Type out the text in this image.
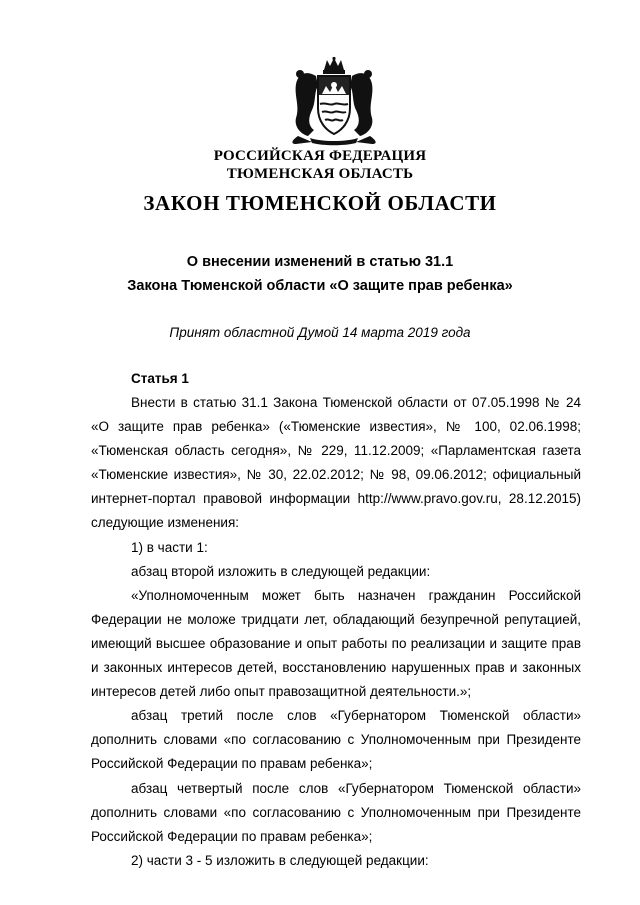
РОССИЙСКАЯ ФЕДЕРАЦИЯ
ТЮМЕНСКАЯ ОБЛАСТЬ
ЗАКОН ТЮМЕНСКОЙ ОБЛАСТИ
О внесении изменений в статью 31.1
Закона Тюменской области «О защите прав ребенка»
Принят областной Думой 14 марта 2019 года
Статья 1

Внести в статью 31.1 Закона Тюменской области от 07.05.1998 № 24 «О защите прав ребенка» («Тюменские известия», № 100, 02.06.1998; «Тюменская область сегодня», № 229, 11.12.2009; «Парламентская газета «Тюменские известия», № 30, 22.02.2012; № 98, 09.06.2012; официальный интернет-портал правовой информации http://www.pravo.gov.ru, 28.12.2015) следующие изменения:

1) в части 1:

абзац второй изложить в следующей редакции:

«Уполномоченным может быть назначен гражданин Российской Федерации не моложе тридцати лет, обладающий безупречной репутацией, имеющий высшее образование и опыт работы по реализации и защите прав и законных интересов детей, восстановлению нарушенных прав и законных интересов детей либо опыт правозащитной деятельности.»;

абзац третий после слов «Губернатором Тюменской области» дополнить словами «по согласованию с Уполномоченным при Президенте Российской Федерации по правам ребенка»;

абзац четвертый после слов «Губернатором Тюменской области» дополнить словами «по согласованию с Уполномоченным при Президенте Российской Федерации по правам ребенка»;

2) части 3 - 5 изложить в следующей редакции:
